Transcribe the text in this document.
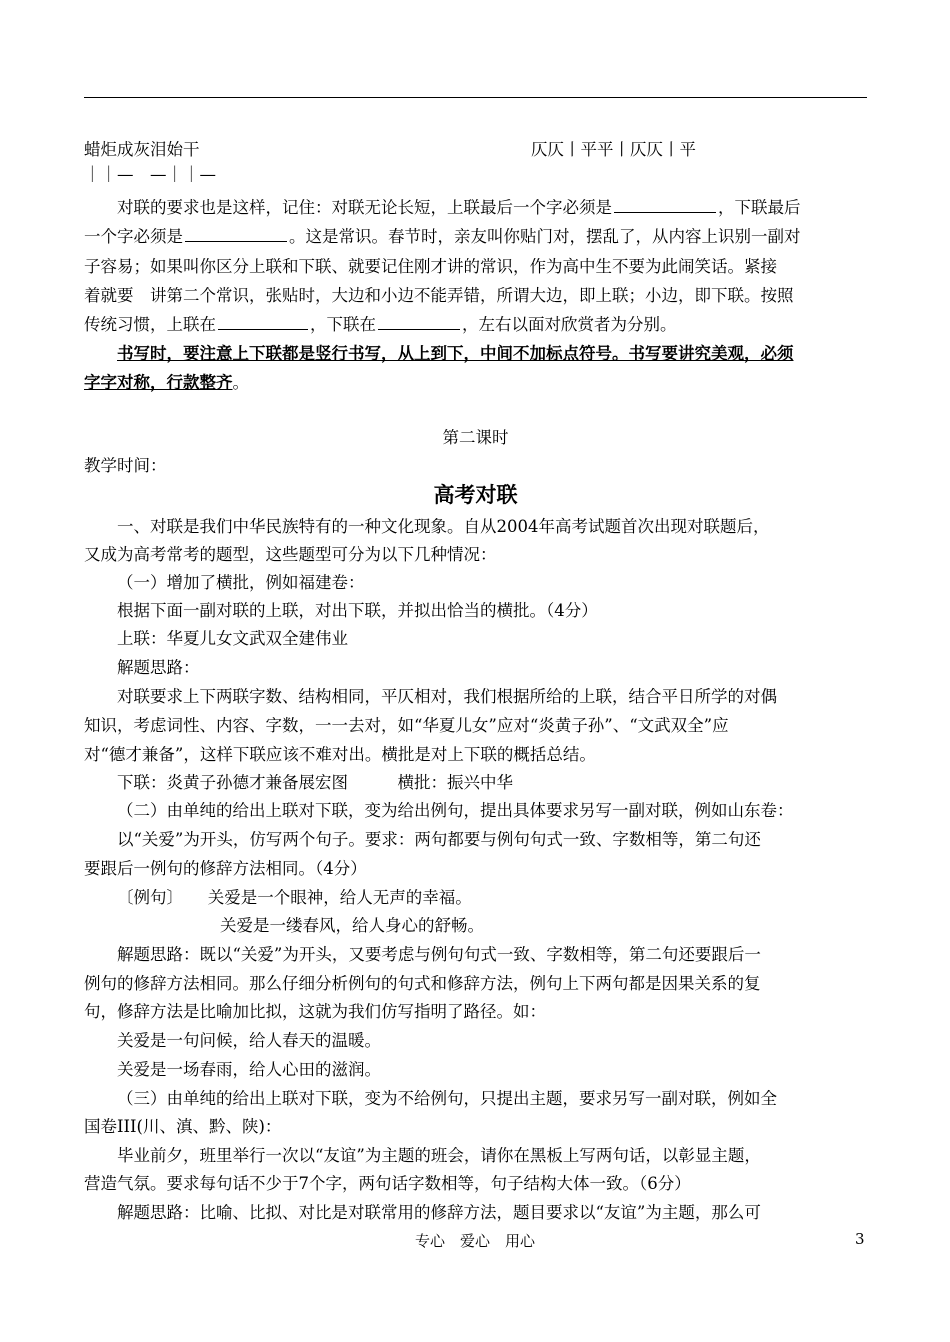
蜡炬成灰泪始干	仄仄丨平平丨仄仄丨平
｜｜—　—｜｜—
对联的要求也是这样，记住：对联无论长短，上联最后一个字必须是	，下联最后
一个字必须是	。这是常识。春节时，亲友叫你贴门对，摆乱了，从内容上识别一副对
子容易；如果叫你区分上联和下联、就要记住刚才讲的常识，作为高中生不要为此闹笑话。紧接
着就要　讲第二个常识，张贴时，大边和小边不能弄错，所谓大边，即上联；小边，即下联。按照
传统习惯，上联在	，下联在	，左右以面对欣赏者为分别。
书写时，要注意上下联都是竖行书写，从上到下，中间不加标点符号。书写要讲究美观，必须
字字对称，行款整齐。
第二课时
教学时间：
高考对联
一、对联是我们中华民族特有的一种文化现象。自从2004年高考试题首次出现对联题后，
又成为高考常考的题型，这些题型可分为以下几种情况：
（一）增加了横批，例如福建卷：
根据下面一副对联的上联，对出下联，并拟出恰当的横批。（4分）
上联：华夏儿女文武双全建伟业
解题思路：
对联要求上下两联字数、结构相同，平仄相对，我们根据所给的上联，结合平日所学的对偶
知识，考虑词性、内容、字数，一一去对，如“华夏儿女”应对“炎黄子孙”、“文武双全”应
对“德才兼备”，这样下联应该不难对出。横批是对上下联的概括总结。
下联：炎黄子孙德才兼备展宏图　　　横批：振兴中华
（二）由单纯的给出上联对下联，变为给出例句，提出具体要求另写一副对联，例如山东卷：
以“关爱”为开头，仿写两个句子。要求：两句都要与例句句式一致、字数相等，第二句还
要跟后一例句的修辞方法相同。（4分）
〔例句〕　　关爱是一个眼神，给人无声的幸福。
关爱是一缕春风，给人身心的舒畅。
解题思路：既以“关爱”为开头，又要考虑与例句句式一致、字数相等，第二句还要跟后一
例句的修辞方法相同。那么仔细分析例句的句式和修辞方法，例句上下两句都是因果关系的复
句，修辞方法是比喻加比拟，这就为我们仿写指明了路径。如：
关爱是一句问候，给人春天的温暖。
关爱是一场春雨，给人心田的滋润。
（三）由单纯的给出上联对下联，变为不给例句，只提出主题，要求另写一副对联，例如全
国卷III(川、滇、黔、陕)：
毕业前夕，班里举行一次以“友谊”为主题的班会，请你在黑板上写两句话，以彰显主题，
营造气氛。要求每句话不少于7个字，两句话字数相等，句子结构大体一致。（6分）
解题思路：比喻、比拟、对比是对联常用的修辞方法，题目要求以“友谊”为主题，那么可
专心　爱心　用心	3
